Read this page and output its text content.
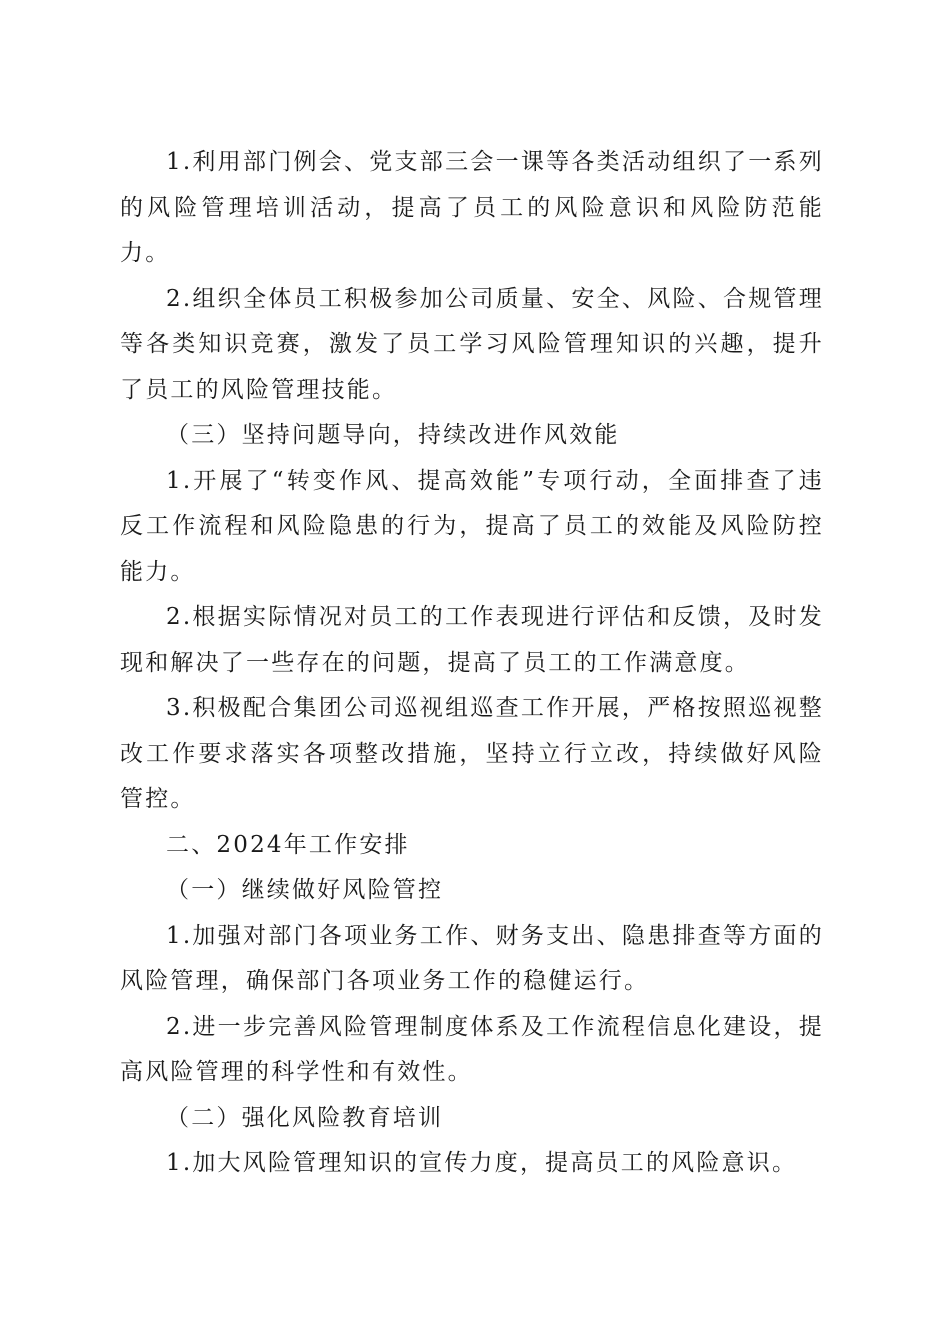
1.利用部门例会、党支部三会一课等各类活动组织了一系列的风险管理培训活动，提高了员工的风险意识和风险防范能力。

2.组织全体员工积极参加公司质量、安全、风险、合规管理等各类知识竞赛，激发了员工学习风险管理知识的兴趣，提升了员工的风险管理技能。

（三）坚持问题导向，持续改进作风效能

1.开展了“转变作风、提高效能”专项行动，全面排查了违反工作流程和风险隐患的行为，提高了员工的效能及风险防控能力。

2.根据实际情况对员工的工作表现进行评估和反馈，及时发现和解决了一些存在的问题，提高了员工的工作满意度。

3.积极配合集团公司巡视组巡查工作开展，严格按照巡视整改工作要求落实各项整改措施，坚持立行立改，持续做好风险管控。

二、2024年工作安排

（一）继续做好风险管控

1.加强对部门各项业务工作、财务支出、隐患排查等方面的风险管理，确保部门各项业务工作的稳健运行。

2.进一步完善风险管理制度体系及工作流程信息化建设，提高风险管理的科学性和有效性。

（二）强化风险教育培训

1.加大风险管理知识的宣传力度，提高员工的风险意识。
